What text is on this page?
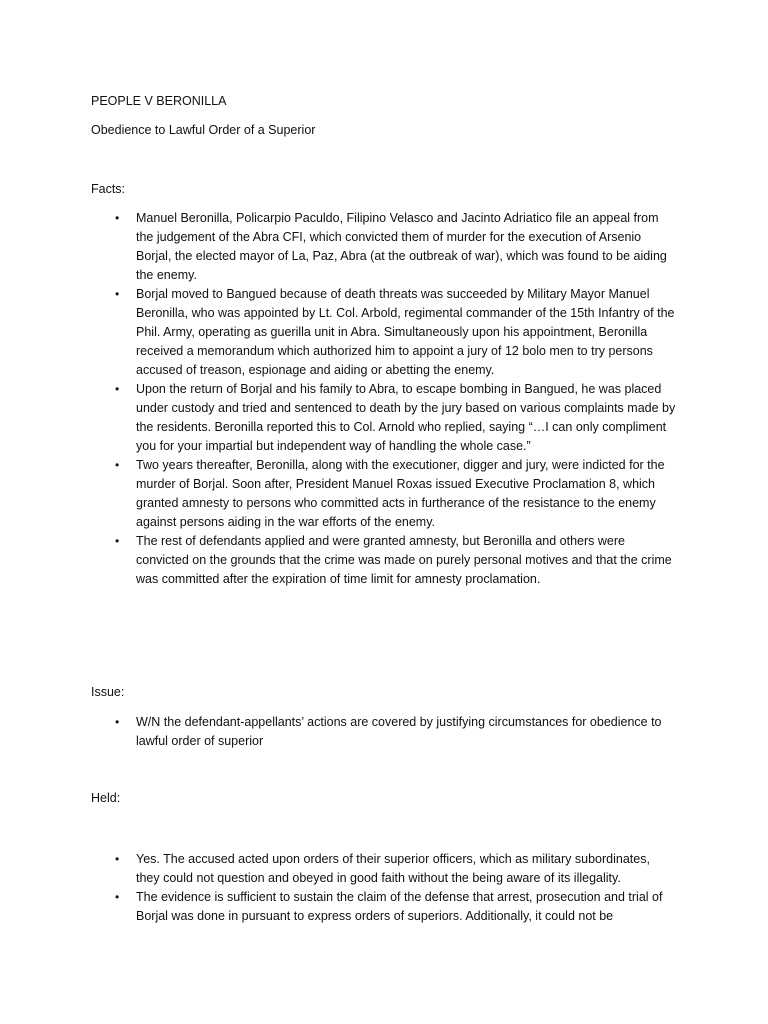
PEOPLE V BERONILLA

Obedience to Lawful Order of a Superior

Facts:

• Manuel Beronilla, Policarpio Paculdo, Filipino Velasco and Jacinto Adriatico file an appeal from the judgement of the Abra CFI, which convicted them of murder for the execution of Arsenio Borjal, the elected mayor of La, Paz, Abra (at the outbreak of war), which was found to be aiding the enemy.
• Borjal moved to Bangued because of death threats was succeeded by Military Mayor Manuel Beronilla, who was appointed by Lt. Col. Arbold, regimental commander of the 15th Infantry of the Phil. Army, operating as guerilla unit in Abra. Simultaneously upon his appointment, Beronilla received a memorandum which authorized him to appoint a jury of 12 bolo men to try persons accused of treason, espionage and aiding or abetting the enemy.
• Upon the return of Borjal and his family to Abra, to escape bombing in Bangued, he was placed under custody and tried and sentenced to death by the jury based on various complaints made by the residents. Beronilla reported this to Col. Arnold who replied, saying “…I can only compliment you for your impartial but independent way of handling the whole case.”
• Two years thereafter, Beronilla, along with the executioner, digger and jury, were indicted for the murder of Borjal. Soon after, President Manuel Roxas issued Executive Proclamation 8, which granted amnesty to persons who committed acts in furtherance of the resistance to the enemy against persons aiding in the war efforts of the enemy.
• The rest of defendants applied and were granted amnesty, but Beronilla and others were convicted on the grounds that the crime was made on purely personal motives and that the crime was committed after the expiration of time limit for amnesty proclamation.

Issue:

• W/N the defendant-appellants’ actions are covered by justifying circumstances for obedience to lawful order of superior

Held:

• Yes. The accused acted upon orders of their superior officers, which as military subordinates, they could not question and obeyed in good faith without the being aware of its illegality.
• The evidence is sufficient to sustain the claim of the defense that arrest, prosecution and trial of Borjal was done in pursuant to express orders of superiors. Additionally, it could not be
